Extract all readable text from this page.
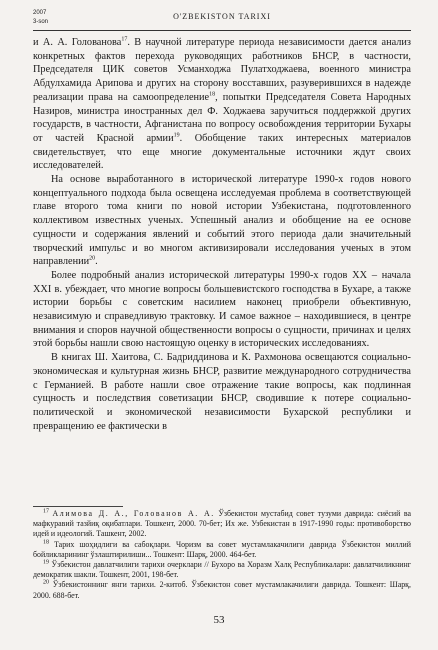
2007
3-son
O'ZBEKISTON TARIXI

и А. А. Голованова$^{17}$. В научной литературе периода независимости дается анализ конкретных фактов перехода руководящих работников БНСР, в частности, Председателя ЦИК советов Усманходжа Пулатходжаева, военного министра Абдулхамида Арипова и других на сторону восставших, разуверившихся в надежде реализации права на самоопределение$^{18}$, попытки Председателя Совета Народных Назиров, министра иностранных дел Ф. Ходжаева заручиться поддержкой других государств, в частности, Афганистана по вопросу освобождения территории Бухары от частей Красной армии$^{19}$. Обобщение таких интересных материалов свидетельствует, что еще многие документальные источники ждут своих исследователей.

На основе выработанного в исторической литературе 1990-х годов нового концептуального подхода была освещена исследуемая проблема в соответствующей главе второго тома книги по новой истории Узбекистана, подготовленного коллективом известных ученых. Успешный анализ и обобщение на ее основе сущности и содержания явлений и событий этого периода дали значительный творческий импульс и во многом активизировали исследования ученых в этом направлении$^{20}$.

Более подробный анализ исторической литературы 1990-х годов XX – начала XXI в. убеждает, что многие вопросы большевистского господства в Бухаре, а также истории борьбы с советским насилием наконец приобрели объективную, независимую и справедливую трактовку. И самое важное – находившиеся, в центре внимания и споров научной общественности вопросы о сущности, причинах и целях этой борьбы нашли свою настоящую оценку в исторических исследованиях.

В книгах Ш. Хаитова, С. Бадриддинова и К. Рахмонова освещаются социально-экономическая и культурная жизнь БНСР, развитие международного сотрудничества с Германией. В работе нашли свое отражение такие вопросы, как подлинная сущность и последствия советизации БНСР, сводившие к потере социально-политической и экономической независимости Бухарской республики и превращению ее фактически в

$^{17}$ Алимова Д. А., Голованов А. А. Ўзбекистон мустабид совет тузуми даврида: сиёсий ва мафкуравий тазйиқ оқибатлари. Тошкент, 2000. 70-бет; Их же. Узбекистан в 1917-1990 годы: противоборство идей и идеологий. Ташкент, 2002.

$^{18}$ Тарих шоҳидлиги ва сабоқлари. Чоризм ва совет мустамлакачилиги даврида Ўзбекистон миллий бойликларининг ўзлаштирилиши... Тошкент: Шарқ, 2000. 464-бет.

$^{19}$ Ўзбекистон давлатчилиги тарихи очерклари // Бухоро ва Хоразм Халқ Республикалари: давлатчиликнинг демократик шакли. Тошкент, 2001, 198-бет.

$^{20}$ Ўзбекистоннинг янги тарихи. 2-китоб. Ўзбекистон совет мустамлакачилиги даврида. Тошкент: Шарқ, 2000. 688-бет.

53
